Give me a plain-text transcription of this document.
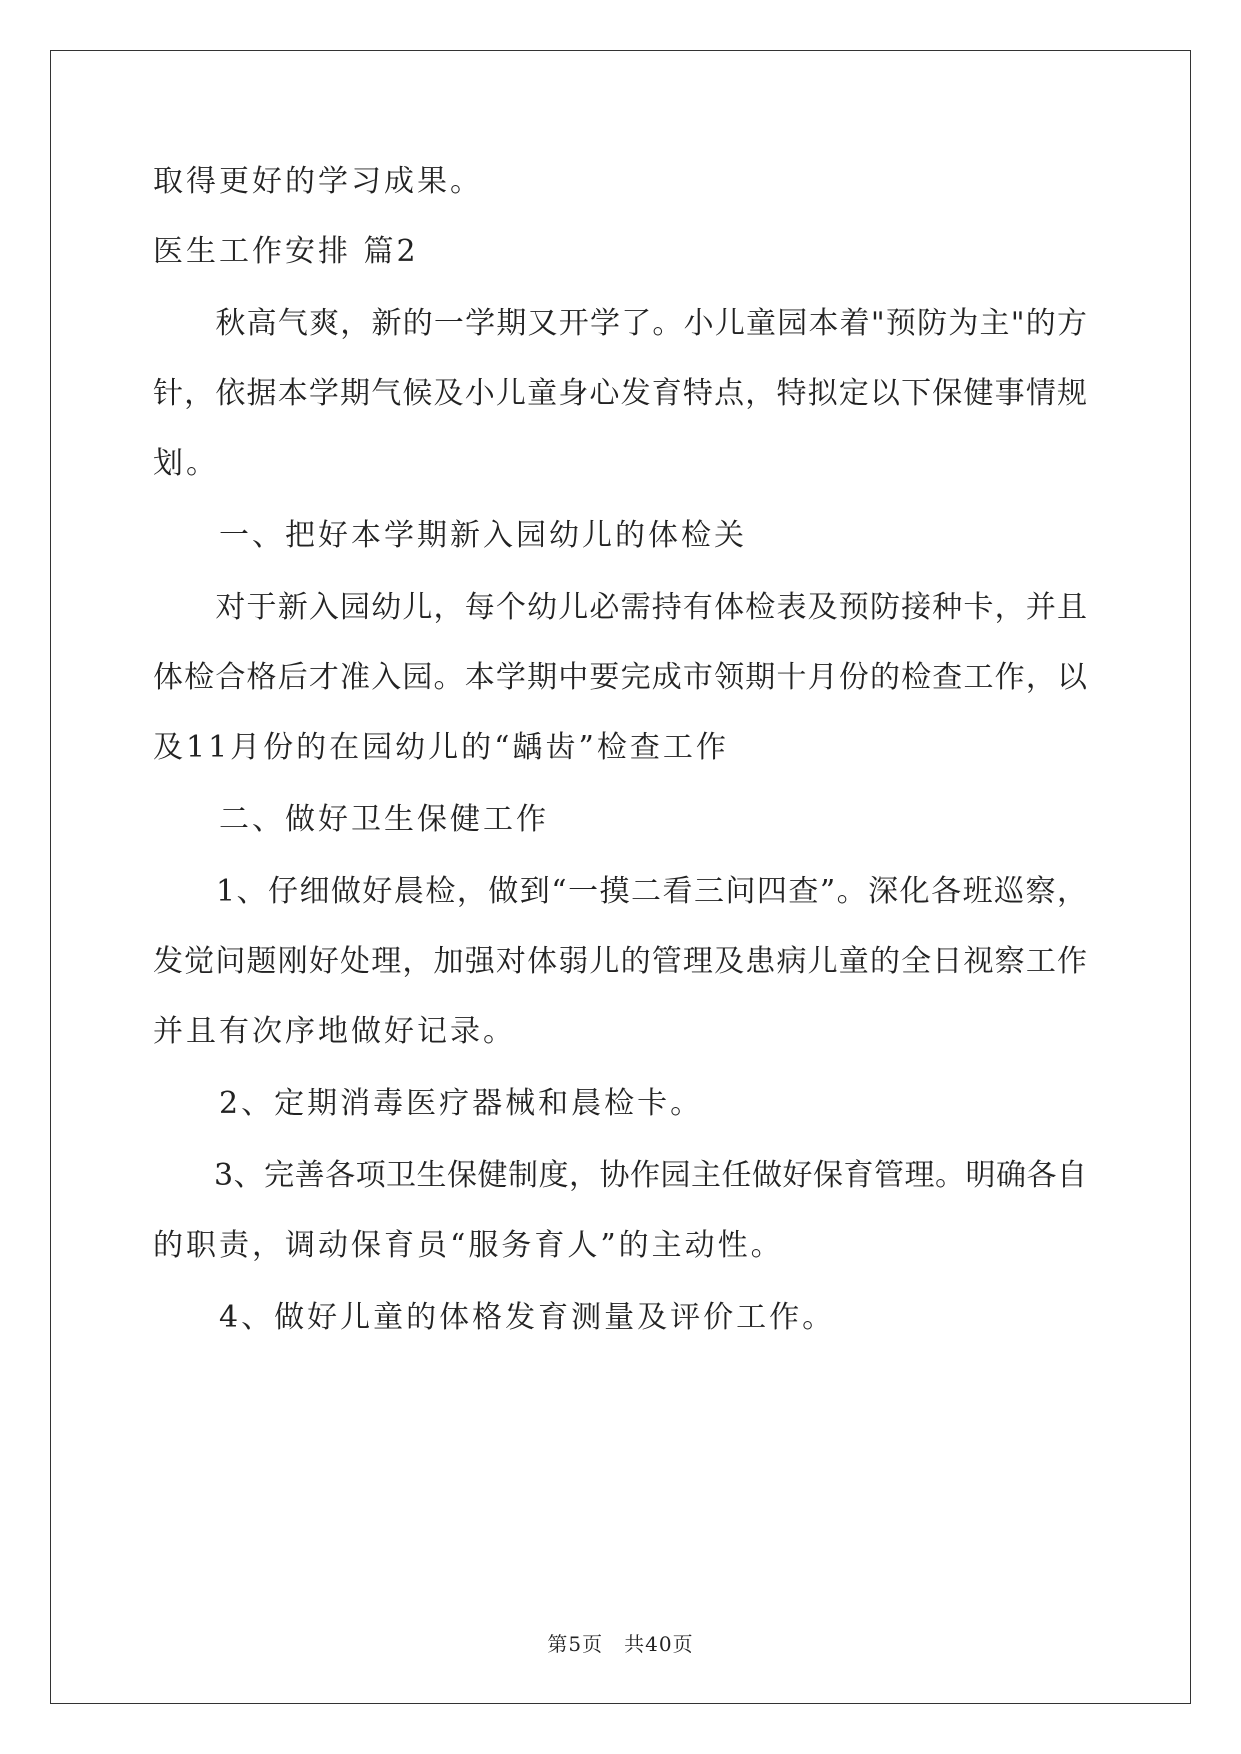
取得更好的学习成果。
医生工作安排 篇2
　　秋高气爽，新的一学期又开学了。小儿童园本着"预防为主"的方
针，依据本学期气候及小儿童身心发育特点，特拟定以下保健事情规
划。
　　一、把好本学期新入园幼儿的体检关
　　对于新入园幼儿，每个幼儿必需持有体检表及预防接种卡，并且
体检合格后才准入园。本学期中要完成市领期十月份的检查工作，以
及11月份的在园幼儿的“龋齿”检查工作
　　二、做好卫生保健工作
　　1、仔细做好晨检，做到“一摸二看三问四查”。深化各班巡察，
发觉问题刚好处理，加强对体弱儿的管理及患病儿童的全日视察工作
并且有次序地做好记录。
　　2、定期消毒医疗器械和晨检卡。
　　3、完善各项卫生保健制度，协作园主任做好保育管理。明确各自
的职责，调动保育员“服务育人”的主动性。
　　4、做好儿童的体格发育测量及评价工作。
第5页　共40页
